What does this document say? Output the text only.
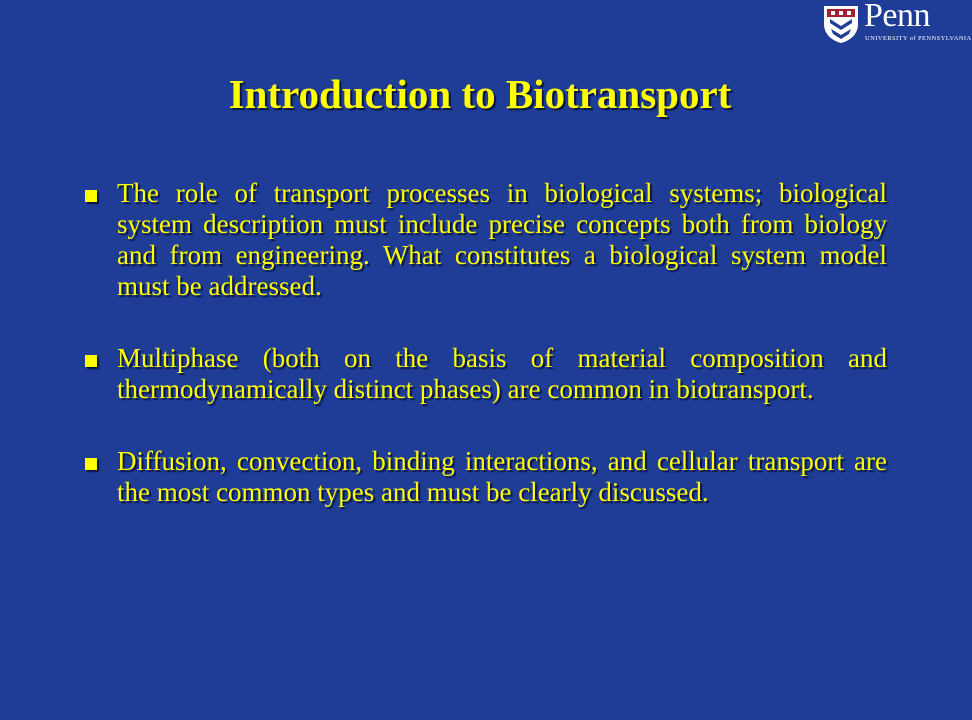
Penn
UNIVERSITY of PENNSYLVANIA
Introduction to Biotransport
The role of transport processes in biological systems; biological system description must include precise concepts both from biology and from engineering. What constitutes a biological system model must be addressed.
Multiphase (both on the basis of material composition and thermodynamically distinct phases) are common in biotransport.
Diffusion, convection, binding interactions, and cellular transport are the most common types and must be clearly discussed.
